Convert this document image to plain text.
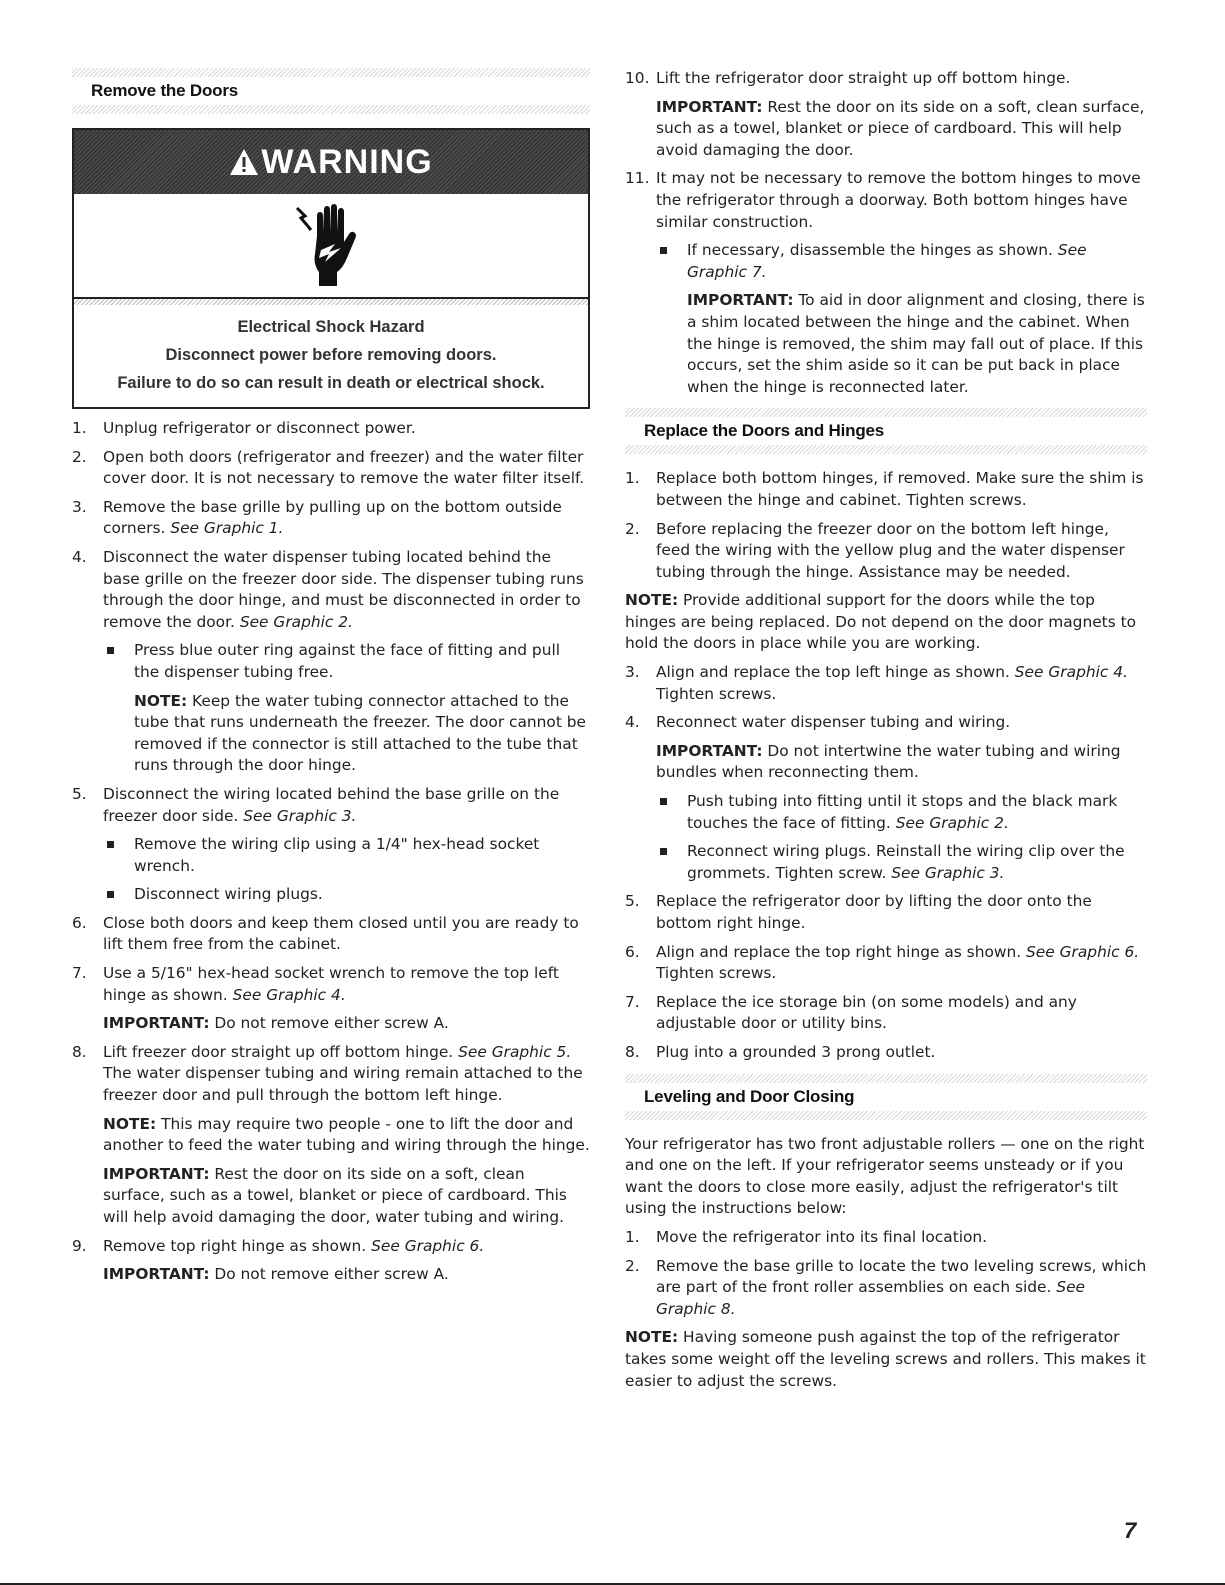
Remove the Doors
WARNING
Electrical Shock Hazard
Disconnect power before removing doors.
Failure to do so can result in death or electrical shock.
1. Unplug refrigerator or disconnect power.
2. Open both doors (refrigerator and freezer) and the water filter cover door. It is not necessary to remove the water filter itself.
3. Remove the base grille by pulling up on the bottom outside corners. See Graphic 1.
4. Disconnect the water dispenser tubing located behind the base grille on the freezer door side. The dispenser tubing runs through the door hinge, and must be disconnected in order to remove the door. See Graphic 2.
Press blue outer ring against the face of fitting and pull the dispenser tubing free.
NOTE: Keep the water tubing connector attached to the tube that runs underneath the freezer. The door cannot be removed if the connector is still attached to the tube that runs through the door hinge.
5. Disconnect the wiring located behind the base grille on the freezer door side. See Graphic 3.
Remove the wiring clip using a 1/4" hex-head socket wrench.
Disconnect wiring plugs.
6. Close both doors and keep them closed until you are ready to lift them free from the cabinet.
7. Use a 5/16" hex-head socket wrench to remove the top left hinge as shown. See Graphic 4.
IMPORTANT: Do not remove either screw A.
8. Lift freezer door straight up off bottom hinge. See Graphic 5. The water dispenser tubing and wiring remain attached to the freezer door and pull through the bottom left hinge.
NOTE: This may require two people - one to lift the door and another to feed the water tubing and wiring through the hinge.
IMPORTANT: Rest the door on its side on a soft, clean surface, such as a towel, blanket or piece of cardboard. This will help avoid damaging the door, water tubing and wiring.
9. Remove top right hinge as shown. See Graphic 6.
IMPORTANT: Do not remove either screw A.
10. Lift the refrigerator door straight up off bottom hinge.
IMPORTANT: Rest the door on its side on a soft, clean surface, such as a towel, blanket or piece of cardboard. This will help avoid damaging the door.
11. It may not be necessary to remove the bottom hinges to move the refrigerator through a doorway. Both bottom hinges have similar construction.
If necessary, disassemble the hinges as shown. See Graphic 7.
IMPORTANT: To aid in door alignment and closing, there is a shim located between the hinge and the cabinet. When the hinge is removed, the shim may fall out of place. If this occurs, set the shim aside so it can be put back in place when the hinge is reconnected later.
Replace the Doors and Hinges
1. Replace both bottom hinges, if removed. Make sure the shim is between the hinge and cabinet. Tighten screws.
2. Before replacing the freezer door on the bottom left hinge, feed the wiring with the yellow plug and the water dispenser tubing through the hinge. Assistance may be needed.
NOTE: Provide additional support for the doors while the top hinges are being replaced. Do not depend on the door magnets to hold the doors in place while you are working.
3. Align and replace the top left hinge as shown. See Graphic 4. Tighten screws.
4. Reconnect water dispenser tubing and wiring.
IMPORTANT: Do not intertwine the water tubing and wiring bundles when reconnecting them.
Push tubing into fitting until it stops and the black mark touches the face of fitting. See Graphic 2.
Reconnect wiring plugs. Reinstall the wiring clip over the grommets. Tighten screw. See Graphic 3.
5. Replace the refrigerator door by lifting the door onto the bottom right hinge.
6. Align and replace the top right hinge as shown. See Graphic 6. Tighten screws.
7. Replace the ice storage bin (on some models) and any adjustable door or utility bins.
8. Plug into a grounded 3 prong outlet.
Leveling and Door Closing
Your refrigerator has two front adjustable rollers — one on the right and one on the left. If your refrigerator seems unsteady or if you want the doors to close more easily, adjust the refrigerator's tilt using the instructions below:
1. Move the refrigerator into its final location.
2. Remove the base grille to locate the two leveling screws, which are part of the front roller assemblies on each side. See Graphic 8.
NOTE: Having someone push against the top of the refrigerator takes some weight off the leveling screws and rollers. This makes it easier to adjust the screws.
7
